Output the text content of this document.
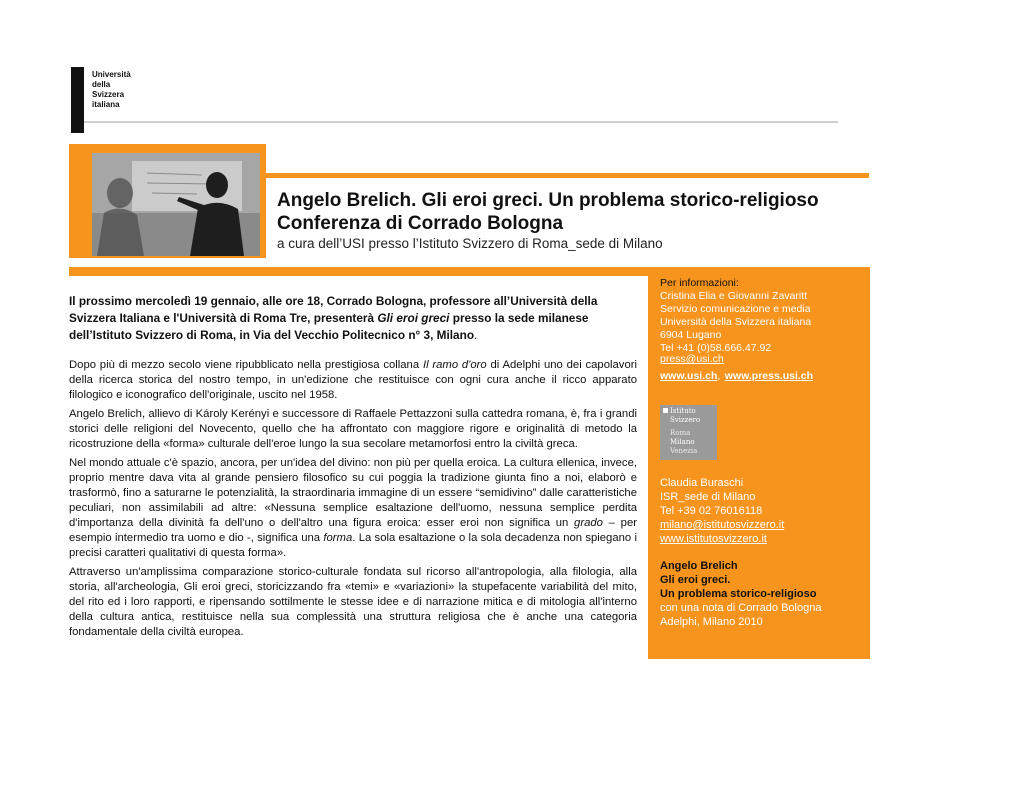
Università
della
Svizzera
italiana
Angelo Brelich. Gli eroi greci. Un problema storico-religioso
Conferenza di Corrado Bologna
a cura dell’USI presso l’Istituto Svizzero di Roma_sede di Milano
Per informazioni:
Cristina Elia e Giovanni Zavaritt
Servizio comunicazione e media
Università della Svizzera italiana
6904 Lugano
Tel +41 (0)58.666.47.92
press@usi.ch
www.usi.ch, www.press.usi.ch
Istituto
Svizzero
Roma
Milano
Venezia
Claudia Buraschi
ISR_sede di Milano
Tel +39 02 76016118
milano@istitutosvizzero.it
www.istitutosvizzero.it
Angelo Brelich
Gli eroi greci.
Un problema storico-religioso
con una nota di Corrado Bologna
Adelphi, Milano 2010

Il prossimo mercoledì 19 gennaio, alle ore 18, Corrado Bologna, professore all’Università della Svizzera Italiana e l'Università di Roma Tre, presenterà Gli eroi greci presso la sede milanese dell’Istituto Svizzero di Roma, in Via del Vecchio Politecnico n° 3, Milano.

Dopo più di mezzo secolo viene ripubblicato nella prestigiosa collana Il ramo d'oro di Adelphi uno dei capolavori della ricerca storica del nostro tempo, in un'edizione che restituisce con ogni cura anche il ricco apparato filologico e iconografico dell'originale, uscito nel 1958.

Angelo Brelich, allievo di Károly Kerényi e successore di Raffaele Pettazzoni sulla cattedra romana, è, fra i grandi storici delle religioni del Novecento, quello che ha affrontato con maggiore rigore e originalità di metodo la ricostruzione della «forma» culturale dell'eroe lungo la sua secolare metamorfosi entro la civiltà greca.

Nel mondo attuale c'è spazio, ancora, per un'idea del divino: non più per quella eroica. La cultura ellenica, invece, proprio mentre dava vita al grande pensiero filosofico su cui poggia la tradizione giunta fino a noi, elaborò e trasformò, fino a saturarne le potenzialità, la straordinaria immagine di un essere “semidivino” dalle caratteristiche peculiari, non assimilabili ad altre: «Nessuna semplice esaltazione dell'uomo, nessuna semplice perdita d'importanza della divinità fa dell'uno o dell'altro una figura eroica: esser eroi non significa un grado – per esempio intermedio tra uomo e dio -, significa una forma. La sola esaltazione o la sola decadenza non spiegano i precisi caratteri qualitativi di questa forma».

Attraverso un'amplissima comparazione storico-culturale fondata sul ricorso all'antropologia, alla filologia, alla storia, all'archeologia, Gli eroi greci, storicizzando fra «temi» e «variazioni» la stupefacente variabilità del mito, del rito ed i loro rapporti, e ripensando sottilmente le stesse idee e di narrazione mitica e di mitologia all'interno della cultura antica, restituisce nella sua complessità una struttura religiosa che è anche una categoria fondamentale della civiltà europea.
